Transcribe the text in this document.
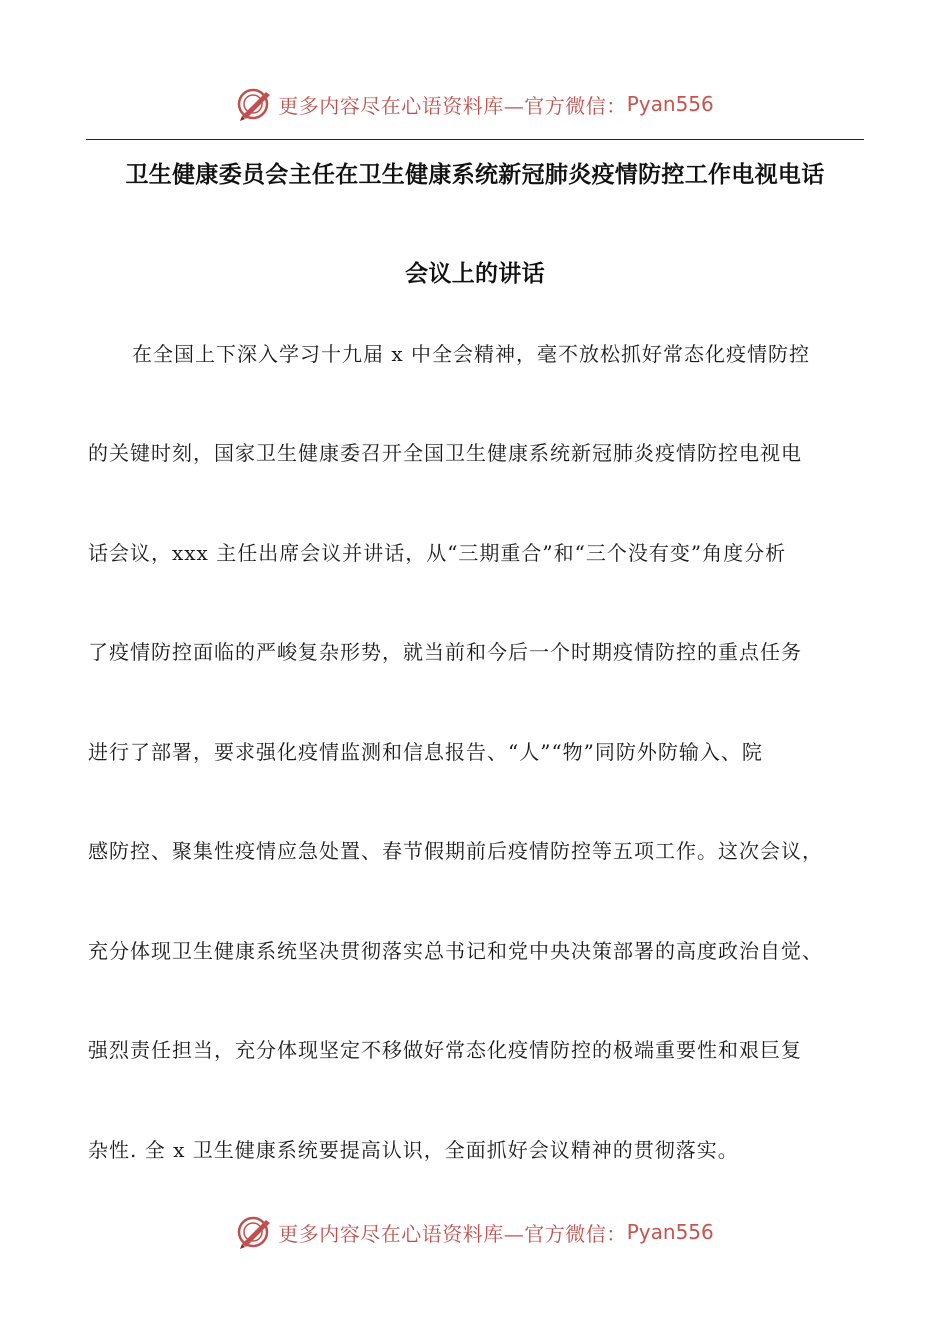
更多内容尽在心语资料库—官方微信： Pyan556
卫生健康委员会主任在卫生健康系统新冠肺炎疫情防控工作电视电话
会议上的讲话
在全国上下深入学习十九届 x 中全会精神，毫不放松抓好常态化疫情防控
的关键时刻，国家卫生健康委召开全国卫生健康系统新冠肺炎疫情防控电视电
话会议，xxx 主任出席会议并讲话，从“三期重合”和“三个没有变”角度分析
了疫情防控面临的严峻复杂形势，就当前和今后一个时期疫情防控的重点任务
进行了部署，要求强化疫情监测和信息报告、“人”“物”同防外防输入、院
感防控、聚集性疫情应急处置、春节假期前后疫情防控等五项工作。这次会议，
充分体现卫生健康系统坚决贯彻落实总书记和党中央决策部署的高度政治自觉、
强烈责任担当，充分体现坚定不移做好常态化疫情防控的极端重要性和艰巨复
杂性. 全 x 卫生健康系统要提高认识，全面抓好会议精神的贯彻落实。
更多内容尽在心语资料库—官方微信： Pyan556
